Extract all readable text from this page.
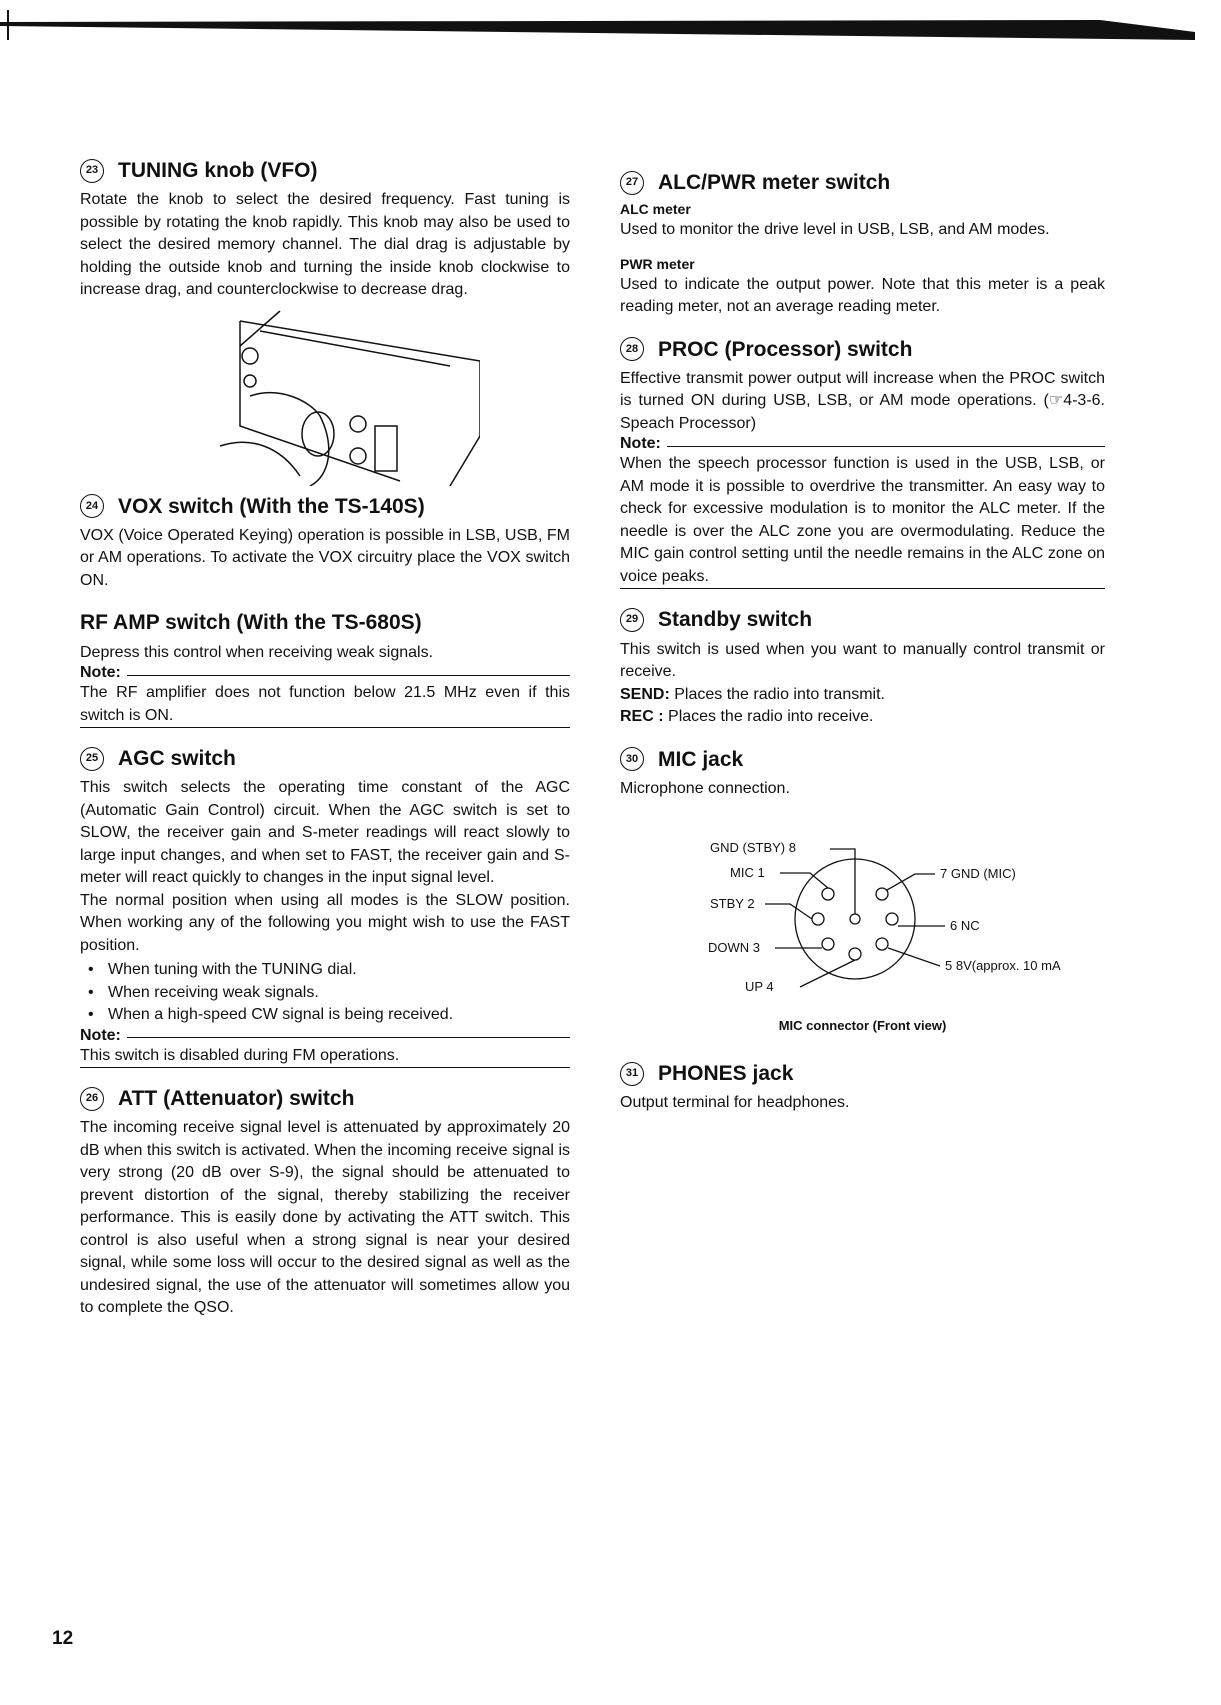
23 TUNING knob (VFO)

Rotate the knob to select the desired frequency. Fast tuning is possible by rotating the knob rapidly. This knob may also be used to select the desired memory channel. The dial drag is adjustable by holding the outside knob and turning the inside knob clockwise to increase drag, and counterclockwise to decrease drag.

24 VOX switch (With the TS-140S)

VOX (Voice Operated Keying) operation is possible in LSB, USB, FM or AM operations. To activate the VOX circuitry place the VOX switch ON.

RF AMP switch (With the TS-680S)

Depress this control when receiving weak signals.

Note:

The RF amplifier does not function below 21.5 MHz even if this switch is ON.

25 AGC switch

This switch selects the operating time constant of the AGC (Automatic Gain Control) circuit. When the AGC switch is set to SLOW, the receiver gain and S-meter readings will react slowly to large input changes, and when set to FAST, the receiver gain and S-meter will react quickly to changes in the input signal level.

The normal position when using all modes is the SLOW position. When working any of the following you might wish to use the FAST position.

• When tuning with the TUNING dial.
• When receiving weak signals.
• When a high-speed CW signal is being received.
Note:

This switch is disabled during FM operations.

26 ATT (Attenuator) switch

The incoming receive signal level is attenuated by approximately 20 dB when this switch is activated. When the incoming receive signal is very strong (20 dB over S-9), the signal should be attenuated to prevent distortion of the signal, thereby stabilizing the receiver performance. This is easily done by activating the ATT switch. This control is also useful when a strong signal is near your desired signal, while some loss will occur to the desired signal as well as the undesired signal, the use of the attenuator will sometimes allow you to complete the QSO.

27 ALC/PWR meter switch
ALC meter

Used to monitor the drive level in USB, LSB, and AM modes.

PWR meter

Used to indicate the output power. Note that this meter is a peak reading meter, not an average reading meter.

28 PROC (Processor) switch

Effective transmit power output will increase when the PROC switch is turned ON during USB, LSB, or AM mode operations. (☞4-3-6. Speach Processor)

Note:

When the speech processor function is used in the USB, LSB, or AM mode it is possible to overdrive the transmitter. An easy way to check for excessive modulation is to monitor the ALC meter. If the needle is over the ALC zone you are overmodulating. Reduce the MIC gain control setting until the needle remains in the ALC zone on voice peaks.

29 Standby switch

This switch is used when you want to manually control transmit or receive.

SEND: Places the radio into transmit.
REC : Places the radio into receive.
30 MIC jack

Microphone connection.

GND (STBY) 8
MIC 1
STBY 2
DOWN 3
UP 4
7 GND (MIC)
6 NC
5 8V(approx. 10 mA
MIC connector (Front view)
31 PHONES jack

Output terminal for headphones.

12
